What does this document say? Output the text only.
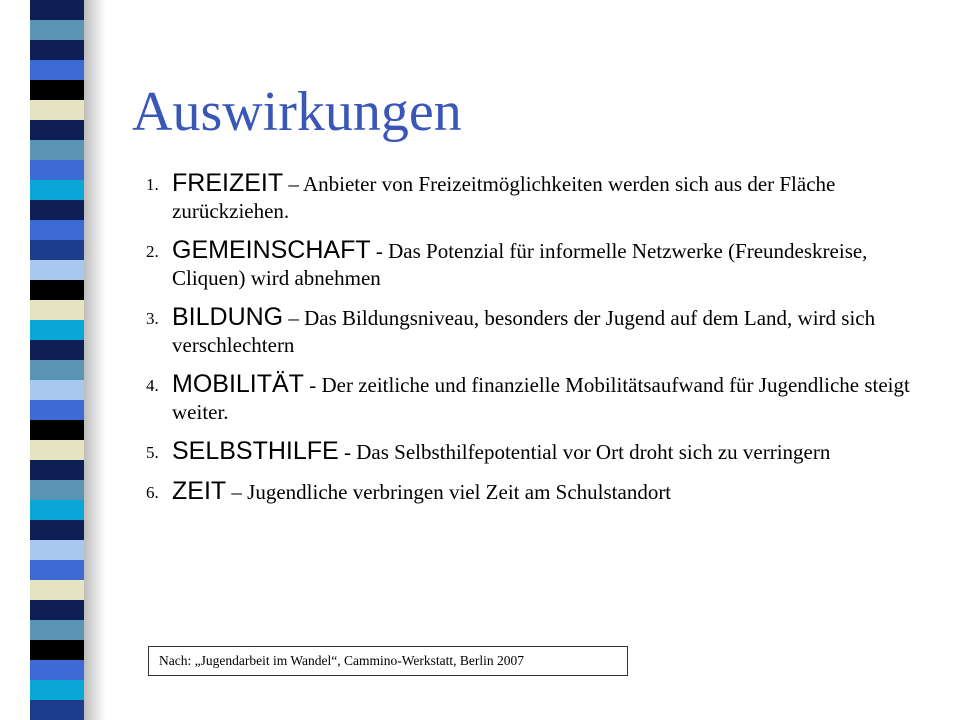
Auswirkungen
1. FREIZEIT – Anbieter von Freizeitmöglichkeiten werden sich aus der Fläche zurückziehen.
2. GEMEINSCHAFT - Das Potenzial für informelle Netzwerke (Freundeskreise, Cliquen) wird abnehmen
3. BILDUNG – Das Bildungsniveau, besonders der Jugend auf dem Land, wird sich verschlechtern
4. MOBILITÄT - Der zeitliche und finanzielle Mobilitätsaufwand für Jugendliche steigt weiter.
5. SELBSTHILFE - Das Selbsthilfepotential vor Ort droht sich zu verringern
6. ZEIT – Jugendliche verbringen viel Zeit am Schulstandort
Nach: „Jugendarbeit im Wandel“, Cammino-Werkstatt, Berlin 2007
